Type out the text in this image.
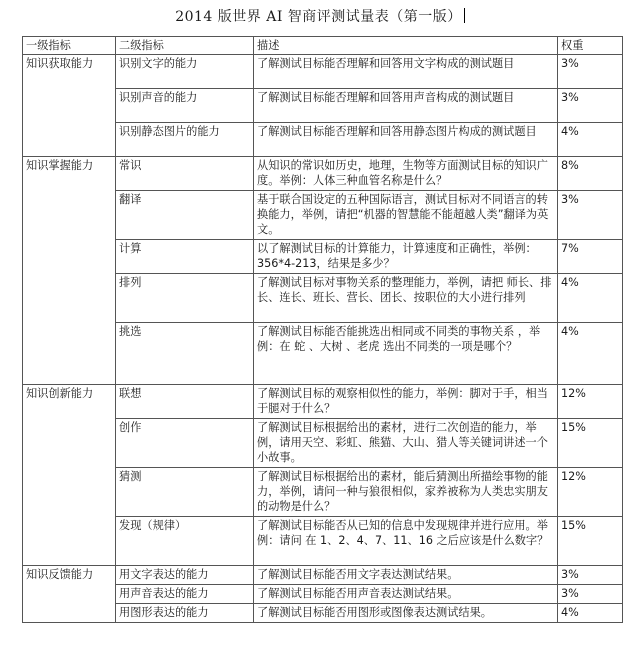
2014 版世界 AI 智商评测试量表（第一版）
一级指标	二级指标	描述	权重
知识获取能力	识别文字的能力	了解测试目标能否理解和回答用文字构成的测试题目	3%
	识别声音的能力	了解测试目标能否理解和回答用声音构成的测试题目	3%
	识别静态图片的能力	了解测试目标能否理解和回答用静态图片构成的测试题目	4%
知识掌握能力	常识	从知识的常识如历史，地理，生物等方面测试目标的知识广度。举例：人体三种血管名称是什么？	8%
	翻译	基于联合国设定的五种国际语言，测试目标对不同语言的转换能力，举例，请把“机器的智慧能不能超越人类”翻译为英文。	3%
	计算	以了解测试目标的计算能力，计算速度和正确性，举例：356*4-213，结果是多少？	7%
	排列	了解测试目标对事物关系的整理能力，举例，请把 师长、排长、连长、班长、营长、团长、按职位的大小进行排列	4%
	挑选	了解测试目标能否能挑选出相同或不同类的事物关系 ，举例：在 蛇 、大树 、老虎 选出不同类的一项是哪个？	4%
知识创新能力	联想	了解测试目标的观察相似性的能力，举例：脚对于手，相当于腿对于什么？	12%
	创作	了解测试目标根据给出的素材，进行二次创造的能力，举例，请用天空、彩虹、熊猫、大山、猎人等关键词讲述一个小故事。	15%
	猜测	了解测试目标根据给出的素材，能后猜测出所描绘事物的能力，举例，请问一种与狼很相似，家养被称为人类忠实朋友的动物是什么？	12%
	发现（规律）	了解测试目标能否从已知的信息中发现规律并进行应用。举例：请问 在 1、2、4、7、11、16 之后应该是什么数字？	15%
知识反馈能力	用文字表达的能力	了解测试目标能否用文字表达测试结果。	3%
	用声音表达的能力	了解测试目标能否用声音表达测试结果。	3%
	用图形表达的能力	了解测试目标能否用图形或图像表达测试结果。	4%
